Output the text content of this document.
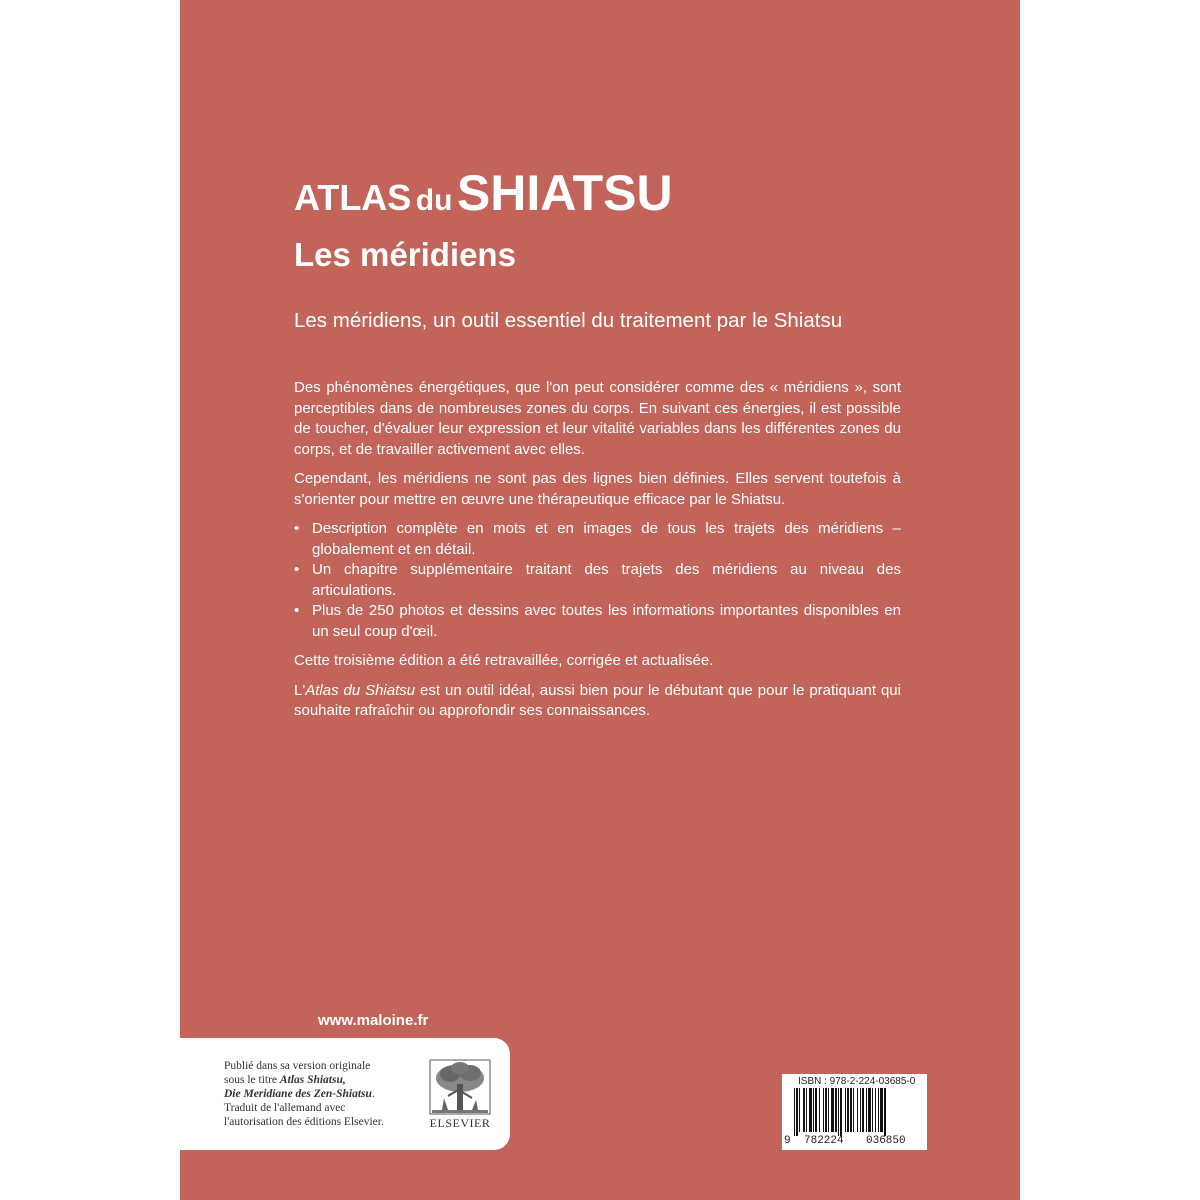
ATLAS du SHIATSU
Les méridiens
Les méridiens, un outil essentiel du traitement par le Shiatsu

Des phénomènes énergétiques, que l'on peut considérer comme des « méridiens », sont perceptibles dans de nombreuses zones du corps. En suivant ces énergies, il est possible de toucher, d'évaluer leur expression et leur vitalité variables dans les différentes zones du corps, et de travailler activement avec elles.

Cependant, les méridiens ne sont pas des lignes bien définies. Elles servent toutefois à s'orienter pour mettre en œuvre une thérapeutique efficace par le Shiatsu.

• Description complète en mots et en images de tous les trajets des méridiens – globalement et en détail.
• Un chapitre supplémentaire traitant des trajets des méridiens au niveau des articulations.
• Plus de 250 photos et dessins avec toutes les informations importantes disponibles en un seul coup d'œil.

Cette troisième édition a été retravaillée, corrigée et actualisée.

L'Atlas du Shiatsu est un outil idéal, aussi bien pour le débutant que pour le pratiquant qui souhaite rafraîchir ou approfondir ses connaissances.

www.maloine.fr
Publié dans sa version originale
sous le titre Atlas Shiatsu,
Die Meridiane des Zen-Shiatsu.
Traduit de l'allemand avec
l'autorisation des éditions Elsevier.	ELSEVIER
ISBN : 978-2-224-03685-0
9 782224 036850
